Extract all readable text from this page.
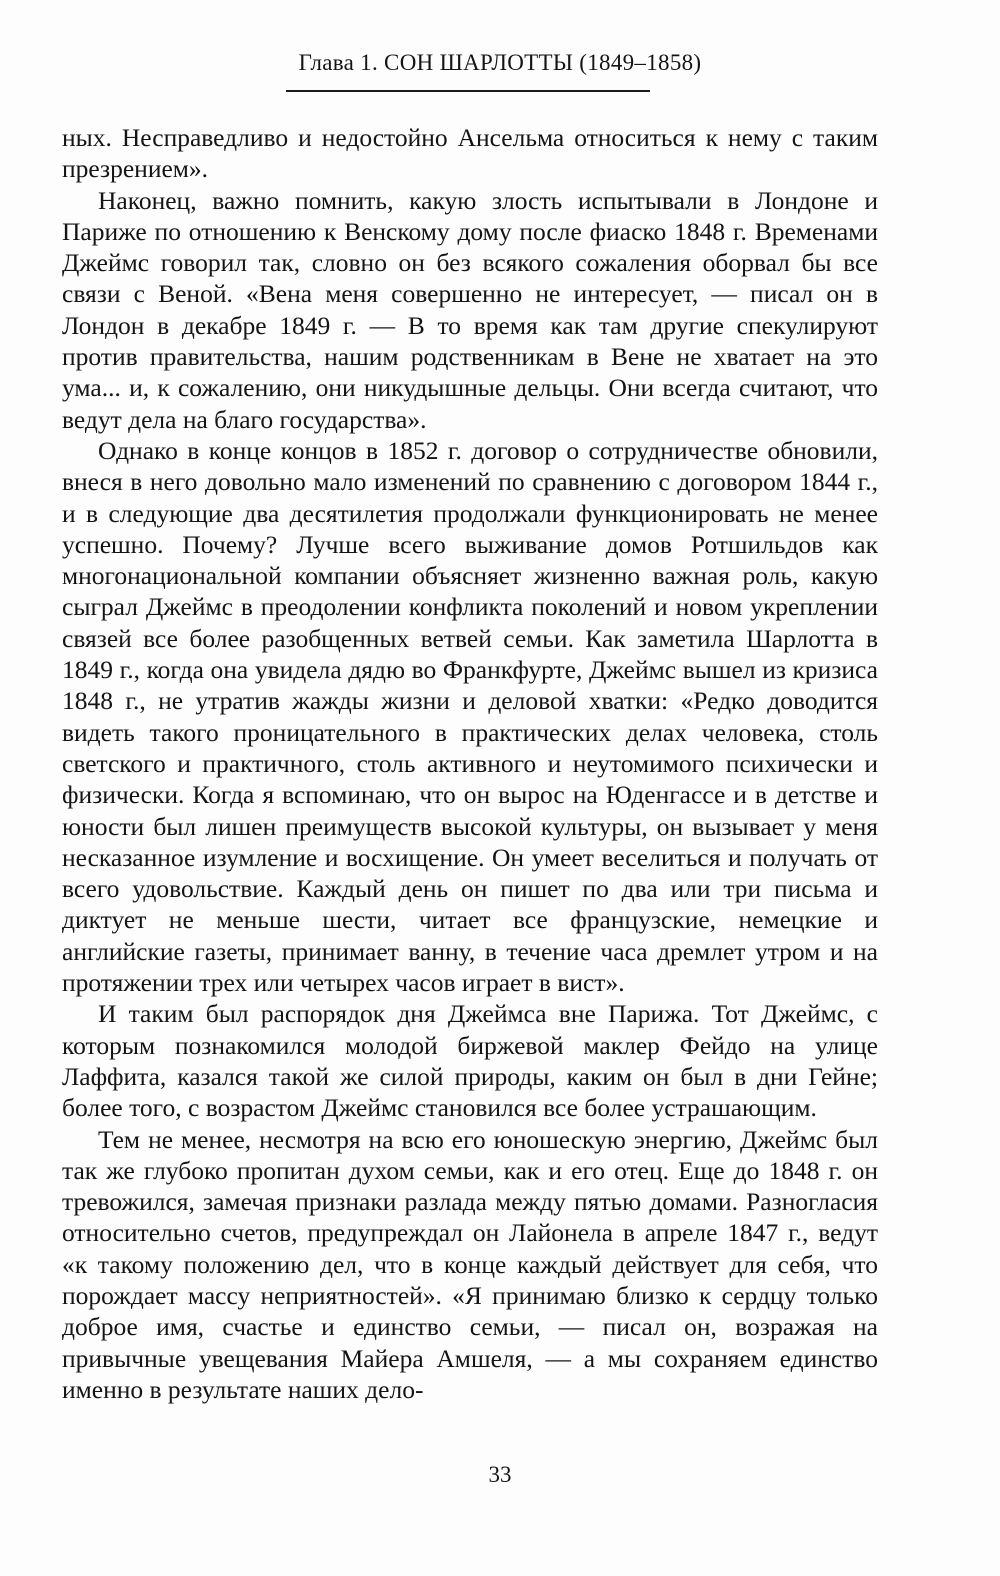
Глава 1. СОН ШАРЛОТТЫ (1849–1858)

ных. Несправедливо и недостойно Ансельма относиться к нему с таким презрением».

Наконец, важно помнить, какую злость испытывали в Лондоне и Париже по отношению к Венскому дому после фиаско 1848 г. Временами Джеймс говорил так, словно он без всякого сожаления оборвал бы все связи с Веной. «Вена меня совершенно не интересует, — писал он в Лондон в декабре 1849 г. — В то время как там другие спекулируют против правительства, нашим родственникам в Вене не хватает на это ума... и, к сожалению, они никудышные дельцы. Они всегда считают, что ведут дела на благо государства».

Однако в конце концов в 1852 г. договор о сотрудничестве обновили, внеся в него довольно мало изменений по сравнению с договором 1844 г., и в следующие два десятилетия продолжали функционировать не менее успешно. Почему? Лучше всего выживание домов Ротшильдов как многонациональной компании объясняет жизненно важная роль, какую сыграл Джеймс в преодолении конфликта поколений и новом укреплении связей все более разобщенных ветвей семьи. Как заметила Шарлотта в 1849 г., когда она увидела дядю во Франкфурте, Джеймс вышел из кризиса 1848 г., не утратив жажды жизни и деловой хватки: «Редко доводится видеть такого проницательного в практических делах человека, столь светского и практичного, столь активного и неутомимого психически и физически. Когда я вспоминаю, что он вырос на Юденгассе и в детстве и юности был лишен преимуществ высокой культуры, он вызывает у меня несказанное изумление и восхищение. Он умеет веселиться и получать от всего удовольствие. Каждый день он пишет по два или три письма и диктует не меньше шести, читает все французские, немецкие и английские газеты, принимает ванну, в течение часа дремлет утром и на протяжении трех или четырех часов играет в вист».

И таким был распорядок дня Джеймса вне Парижа. Тот Джеймс, с которым познакомился молодой биржевой маклер Фейдо на улице Лаффита, казался такой же силой природы, каким он был в дни Гейне; более того, с возрастом Джеймс становился все более устрашающим.

Тем не менее, несмотря на всю его юношескую энергию, Джеймс был так же глубоко пропитан духом семьи, как и его отец. Еще до 1848 г. он тревожился, замечая признаки разлада между пятью домами. Разногласия относительно счетов, предупреждал он Лайонела в апреле 1847 г., ведут «к такому положению дел, что в конце каждый действует для себя, что порождает массу неприятностей». «Я принимаю близко к сердцу только доброе имя, счастье и единство семьи, — писал он, возражая на привычные увещевания Майера Амшеля, — а мы сохраняем единство именно в результате наших дело-

33
